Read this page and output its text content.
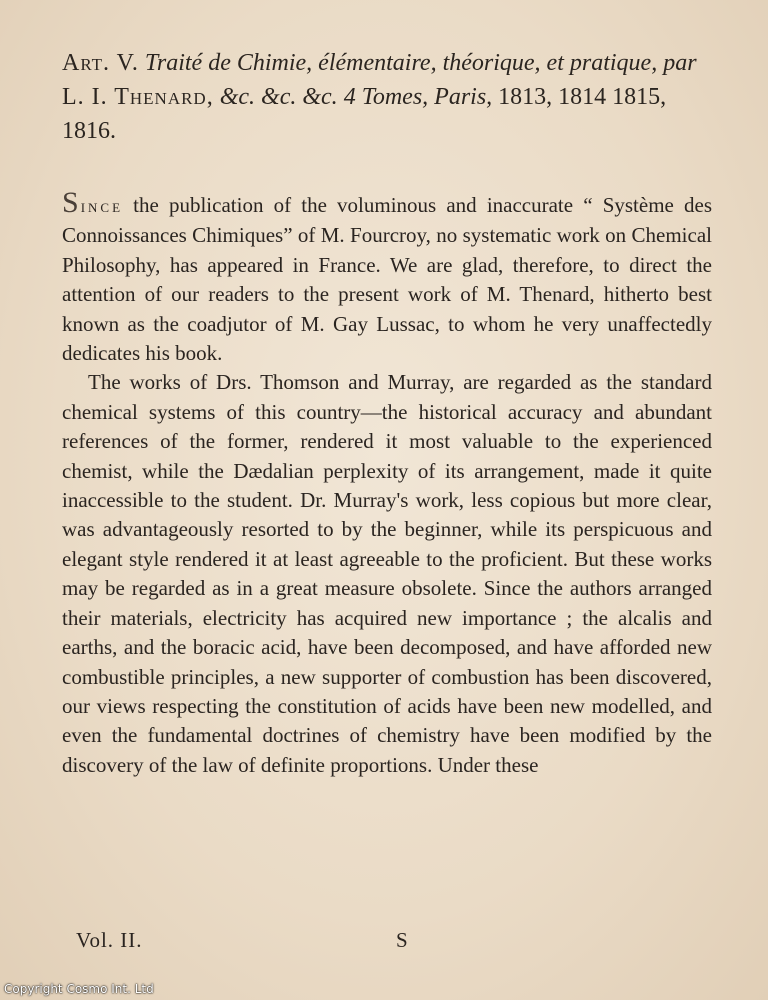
Art. V. Traité de Chimie, élémentaire, théorique, et pratique, par L. I. Thenard, &c. &c. &c. 4 Tomes, Paris, 1813, 1814 1815, 1816.

Since the publication of the voluminous and inaccurate “ Système des Connoissances Chimiques” of M. Fourcroy, no systematic work on Chemical Philosophy, has appeared in France. We are glad, therefore, to direct the attention of our readers to the present work of M. Thenard, hitherto best known as the coadjutor of M. Gay Lussac, to whom he very unaffectedly dedicates his book.

The works of Drs. Thomson and Murray, are regarded as the standard chemical systems of this country—the historical accuracy and abundant references of the former, rendered it most valuable to the experienced chemist, while the Dædalian perplexity of its arrangement, made it quite inaccessible to the student. Dr. Murray's work, less copious but more clear, was advantageously resorted to by the beginner, while its perspicuous and elegant style rendered it at least agreeable to the proficient. But these works may be regarded as in a great measure obsolete. Since the authors arranged their materials, electricity has acquired new importance ; the alcalis and earths, and the boracic acid, have been decomposed, and have afforded new combustible principles, a new supporter of combustion has been discovered, our views respecting the constitution of acids have been new modelled, and even the fundamental doctrines of chemistry have been modified by the discovery of the law of definite proportions. Under these

Vol. II.	S
Copyright Cosmo Int. Ltd
